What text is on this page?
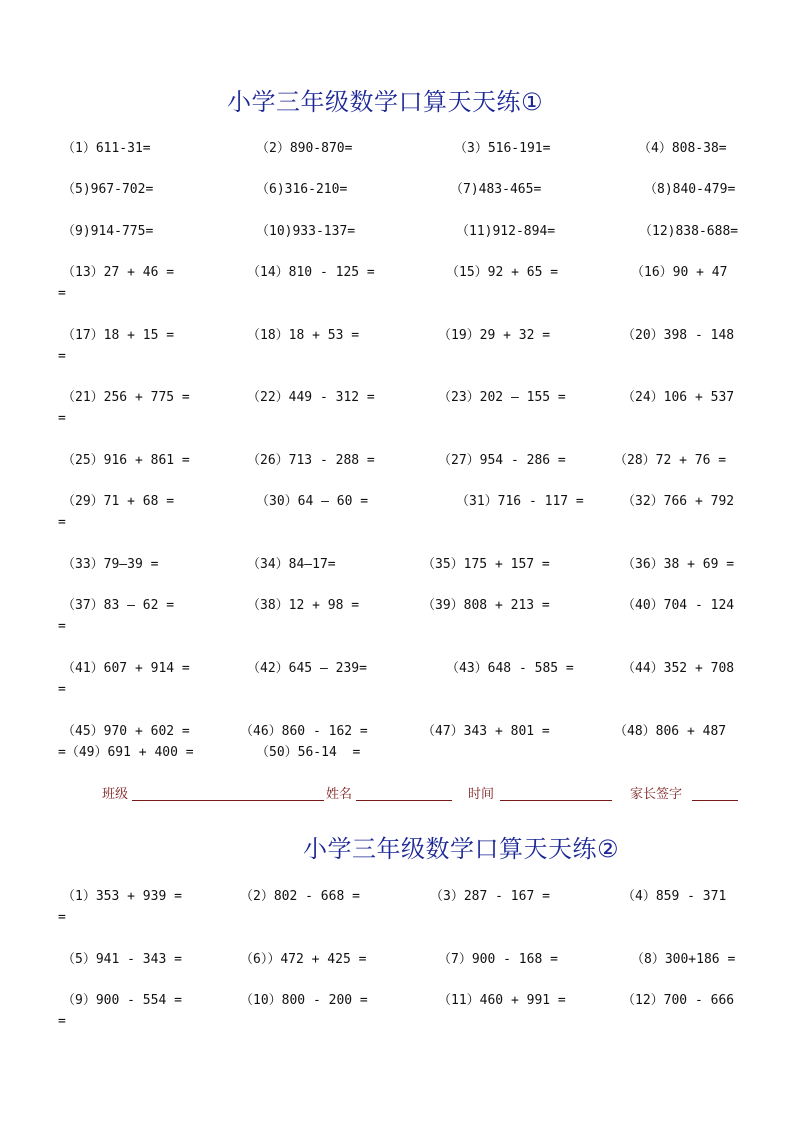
小学三年级数学口算天天练①
（1）611-31=	（2）890-870=	（3）516-191=	（4）808-38=
（5)967-702=	（6)316-210=	（7)483-465=	（8)840-479=
（9)914-775=	（10)933-137=	（11)912-894=	（12)838-688=
（13）27 + 46 =	（14）810 - 125 =	（15）92 + 65 =	（16）90 + 47
=
（17）18 + 15 =	（18）18 + 53 =	（19）29 + 32 =	（20）398 - 148
=
（21）256 + 775 =	（22）449 - 312 =	（23）202 – 155 =	（24）106 + 537
=
（25）916 + 861 =	（26）713 - 288 =	（27）954 - 286 =	（28）72 + 76 =
（29）71 + 68 =	（30）64 — 60 =	（31）716 - 117 =	（32）766 + 792
=
（33）79—39 =	（34）84—17=	（35）175 + 157 =	（36）38 + 69 =
（37）83 — 62 =	（38）12 + 98 =	（39）808 + 213 =	（40）704 - 124
=
（41）607 + 914 =	（42）645 — 239=	（43）648 - 585 =	（44）352 + 708
=
（45）970 + 602 =	（46）860 - 162 =	（47）343 + 801 =	（48）806 + 487
=（49）691 + 400 =	（50）56-14  =
班级	姓名	时间	家长签字
小学三年级数学口算天天练②
（1）353 + 939 =	（2）802 - 668 =	（3）287 - 167 =	（4）859 - 371
=
（5）941 - 343 =	（6））472 + 425 =	（7）900 - 168 =	（8）300+186 =
（9）900 - 554 =	（10）800 - 200 =	（11）460 + 991 =	（12）700 - 666
=
